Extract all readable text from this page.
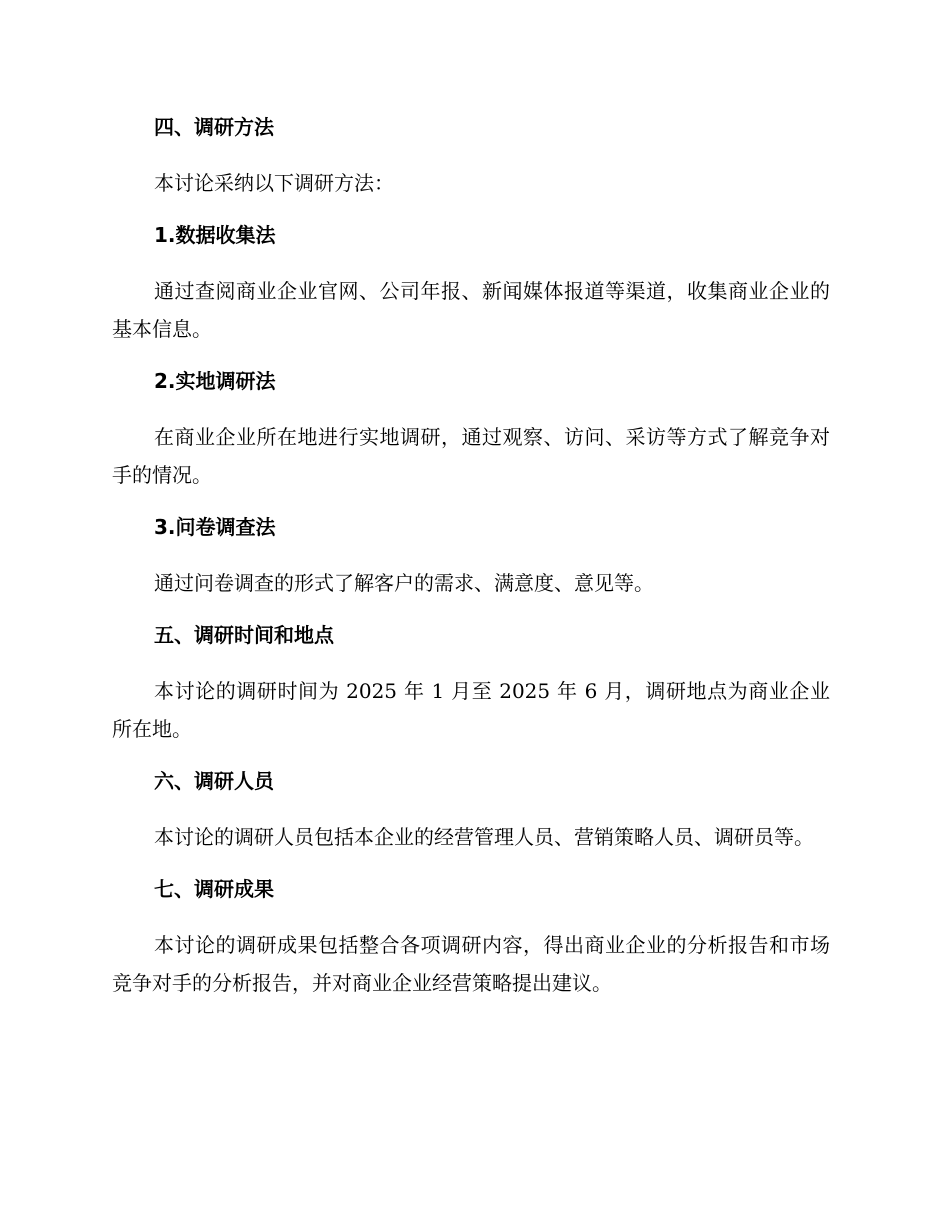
四、调研方法

本讨论采纳以下调研方法：

1.数据收集法

通过查阅商业企业官网、公司年报、新闻媒体报道等渠道，收集商业企业的基本信息。

2.实地调研法

在商业企业所在地进行实地调研，通过观察、访问、采访等方式了解竞争对手的情况。

3.问卷调查法

通过问卷调查的形式了解客户的需求、满意度、意见等。

五、调研时间和地点

本讨论的调研时间为 2025 年 1 月至 2025 年 6 月，调研地点为商业企业所在地。

六、调研人员

本讨论的调研人员包括本企业的经营管理人员、营销策略人员、调研员等。

七、调研成果

本讨论的调研成果包括整合各项调研内容，得出商业企业的分析报告和市场竞争对手的分析报告，并对商业企业经营策略提出建议。
